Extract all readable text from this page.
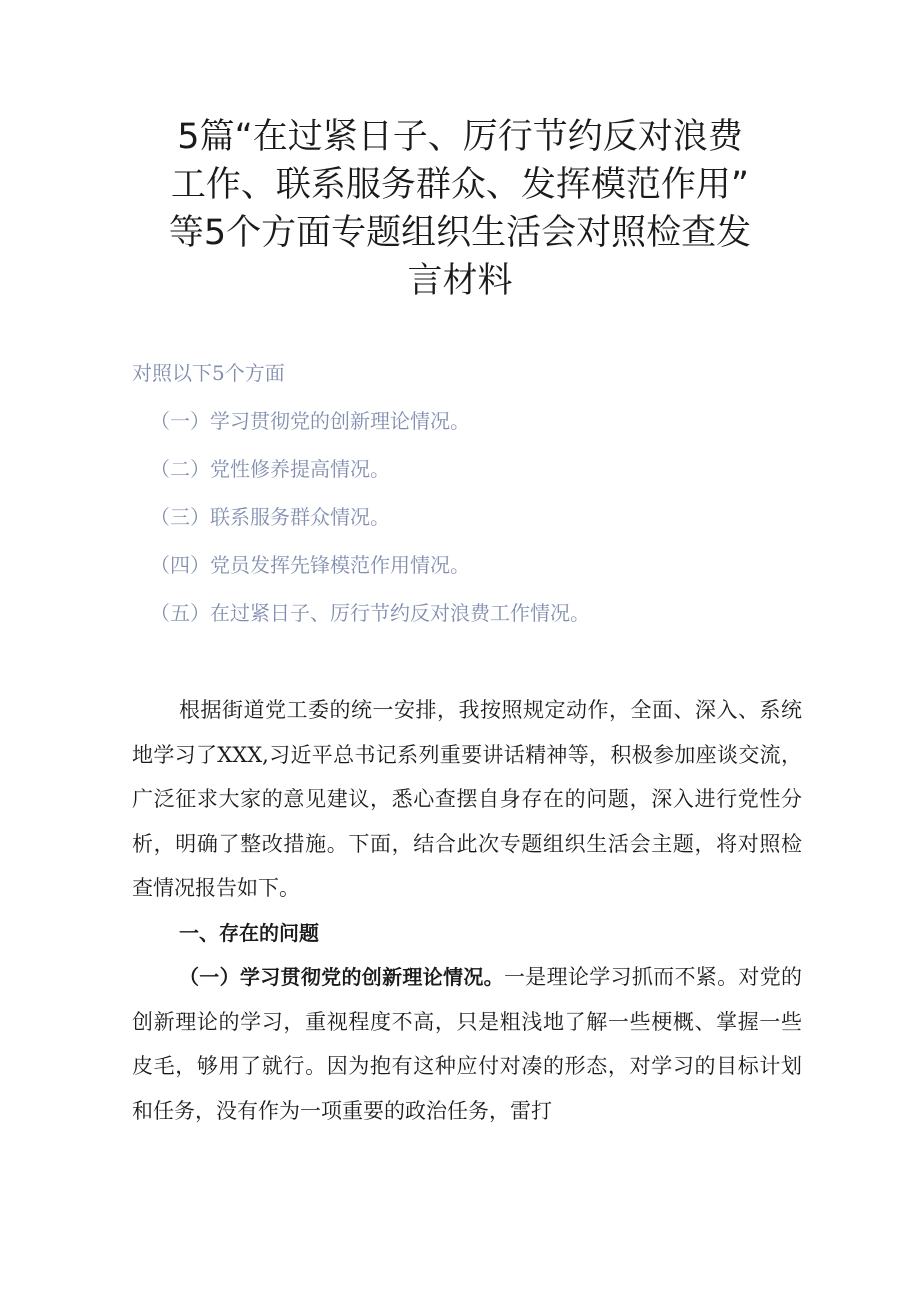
5篇“在过紧日子、厉行节约反对浪费
工作、联系服务群众、发挥模范作用”
等5个方面专题组织生活会对照检查发
言材料
对照以下5个方面
（一）学习贯彻党的创新理论情况。
（二）党性修养提高情况。
（三）联系服务群众情况。
（四）党员发挥先锋模范作用情况。
（五）在过紧日子、厉行节约反对浪费工作情况。

根据街道党工委的统一安排，我按照规定动作，全面、深入、系统地学习了XXX,习近平总书记系列重要讲话精神等，积极参加座谈交流，广泛征求大家的意见建议，悉心查摆自身存在的问题，深入进行党性分析，明确了整改措施。下面，结合此次专题组织生活会主题，将对照检查情况报告如下。

一、存在的问题

（一）学习贯彻党的创新理论情况。一是理论学习抓而不紧。对党的创新理论的学习，重视程度不高，只是粗浅地了解一些梗概、掌握一些皮毛，够用了就行。因为抱有这种应付对凑的形态，对学习的目标计划和任务，没有作为一项重要的政治任务，雷打
